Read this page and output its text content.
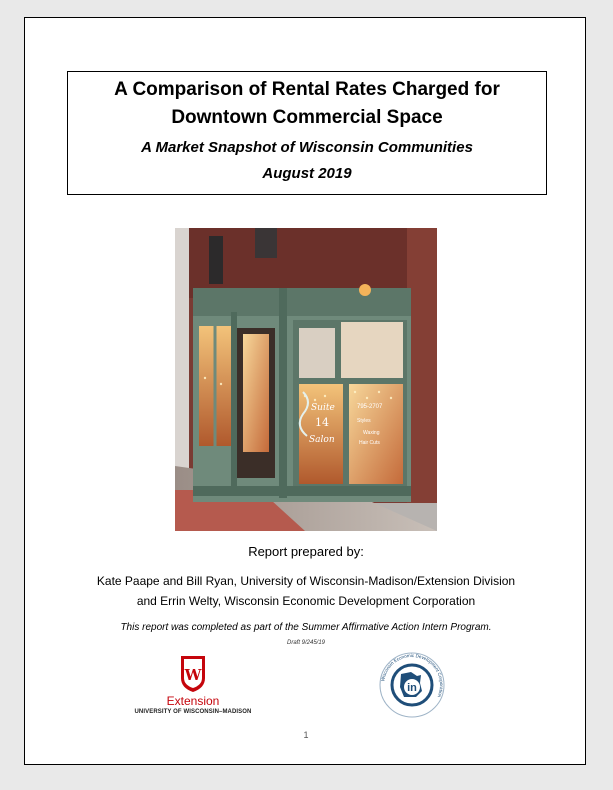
A Comparison of Rental Rates Charged for
Downtown Commercial Space
A Market Snapshot of Wisconsin Communities
August 2019
Suite
14
Salon
795-2707
Styles
Waxing
Hair Cuts
Report prepared by:
Kate Paape and Bill Ryan, University of Wisconsin-Madison/Extension Division
and Errin Welty, Wisconsin Economic Development Corporation
This report was completed as part of the Summer Affirmative Action Intern Program.
Draft 9/245/19
W
Extension
UNIVERSITY OF WISCONSIN–MADISON
Wisconsin Economic Development Corporation
in
1
